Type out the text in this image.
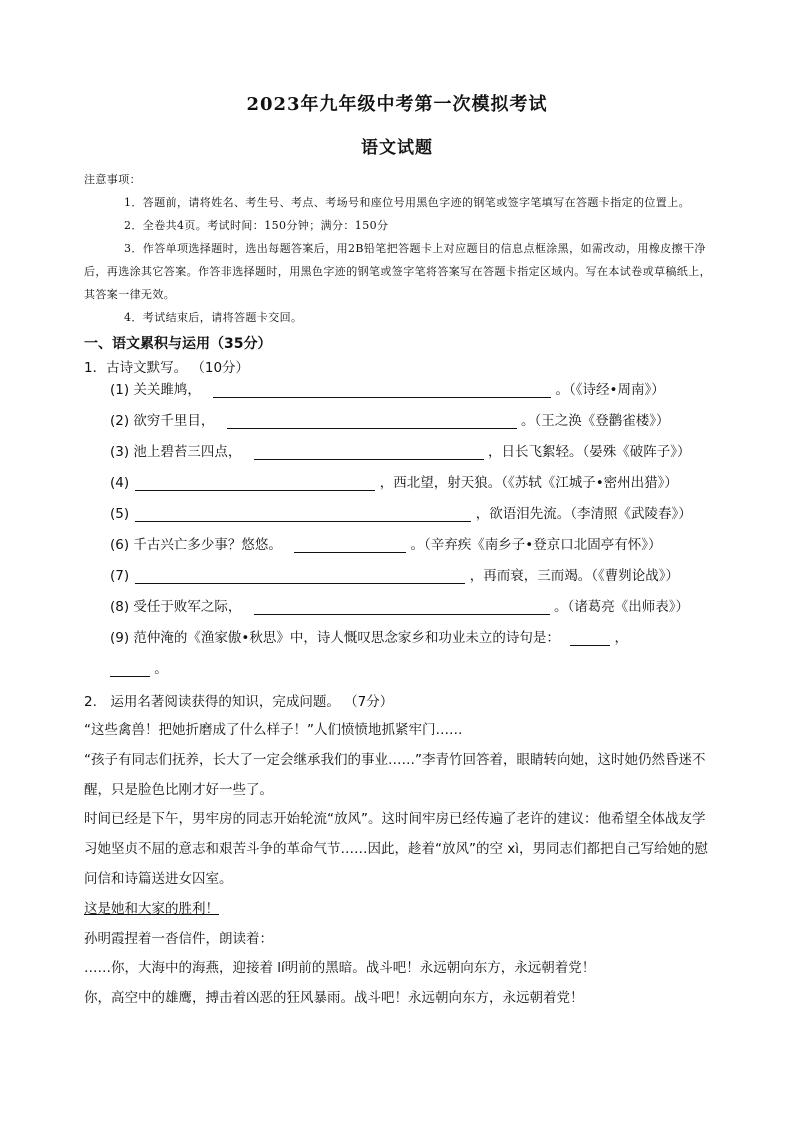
2023年九年级中考第一次模拟考试
语文试题

注意事项：

1．答题前，请将姓名、考生号、考点、考场号和座位号用黑色字迹的钢笔或签字笔填写在答题卡指定的位置上。

2．全卷共4页。考试时间：150分钟；满分：150分

3．作答单项选择题时，选出每题答案后，用2B铅笔把答题卡上对应题目的信息点框涂黑，如需改动，用橡皮擦干净后，再选涂其它答案。作答非选择题时，用黑色字迹的钢笔或签字笔将答案写在答题卡指定区域内。写在本试卷或草稿纸上，其答案一律无效。

4．考试结束后，请将答题卡交回。

一、语文累积与运用（35分）
1．古诗文默写。 （10分）
(1) 关关雎鸠，	。（《诗经•周南》）
(2) 欲穷千里目，	。（王之涣《登鹳雀楼》）
(3) 池上碧苔三四点，	，日长飞絮轻。（晏殊《破阵子》）
(4)	，西北望，射天狼。（《苏轼《江城子•密州出猎》）
(5)	，欲语泪先流。（李清照《武陵春》）
(6) 千古兴亡多少事？悠悠。	。（辛弃疾《南乡子•登京口北固亭有怀》）
(7)	，再而衰，三而竭。（《曹刿论战》）
(8) 受任于败军之际，	。（诸葛亮《出师表》）
(9) 范仲淹的《渔家傲•秋思》中，诗人慨叹思念家乡和功业未立的诗句是：	，
。
2.　运用名著阅读获得的知识，完成问题。 （7分）

“这些禽兽！把她折磨成了什么样子！”人们愤愤地抓紧牢门……

“孩子有同志们抚养，长大了一定会继承我们的事业……”李青竹回答着，眼睛转向她，这时她仍然昏迷不醒，只是脸色比刚才好一些了。

时间已经是下午，男牢房的同志开始轮流“放风”。这时间牢房已经传遍了老许的建议：他希望全体战友学习她坚贞不屈的意志和艰苦斗争的革命气节……因此，趁着“放风”的空 xì，男同志们都把自己写给她的慰问信和诗篇送进女囚室。

这是她和大家的胜利！

孙明霞捏着一沓信件，朗读着：

……你，大海中的海燕，迎接着 lí明前的黑暗。战斗吧！永远朝向东方，永远朝着党！

你，高空中的雄鹰，搏击着凶恶的狂风暴雨。战斗吧！永远朝向东方，永远朝着党！
